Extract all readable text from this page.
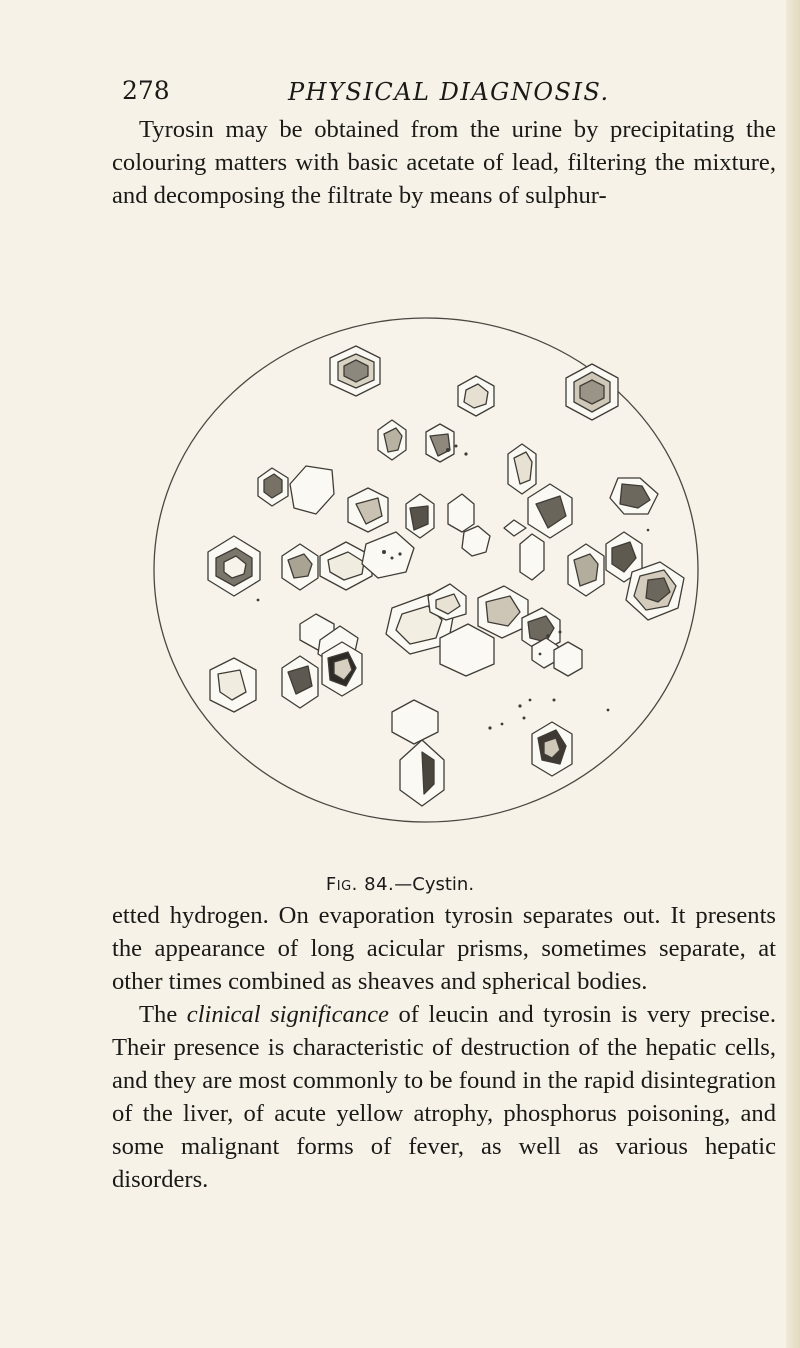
278	PHYSICAL DIAGNOSIS.

Tyrosin may be obtained from the urine by precipitating the colouring matters with basic acetate of lead, filtering the mixture, and decomposing the filtrate by means of sulphur-

Fig. 84.—Cystin.

etted hydrogen. On evaporation tyrosin separates out. It presents the appearance of long acicular prisms, sometimes separate, at other times combined as sheaves and spherical bodies.

The clinical significance of leucin and tyrosin is very precise. Their presence is characteristic of destruction of the hepatic cells, and they are most commonly to be found in the rapid disintegration of the liver, of acute yellow atrophy, phosphorus poisoning, and some malignant forms of fever, as well as various hepatic disorders.
